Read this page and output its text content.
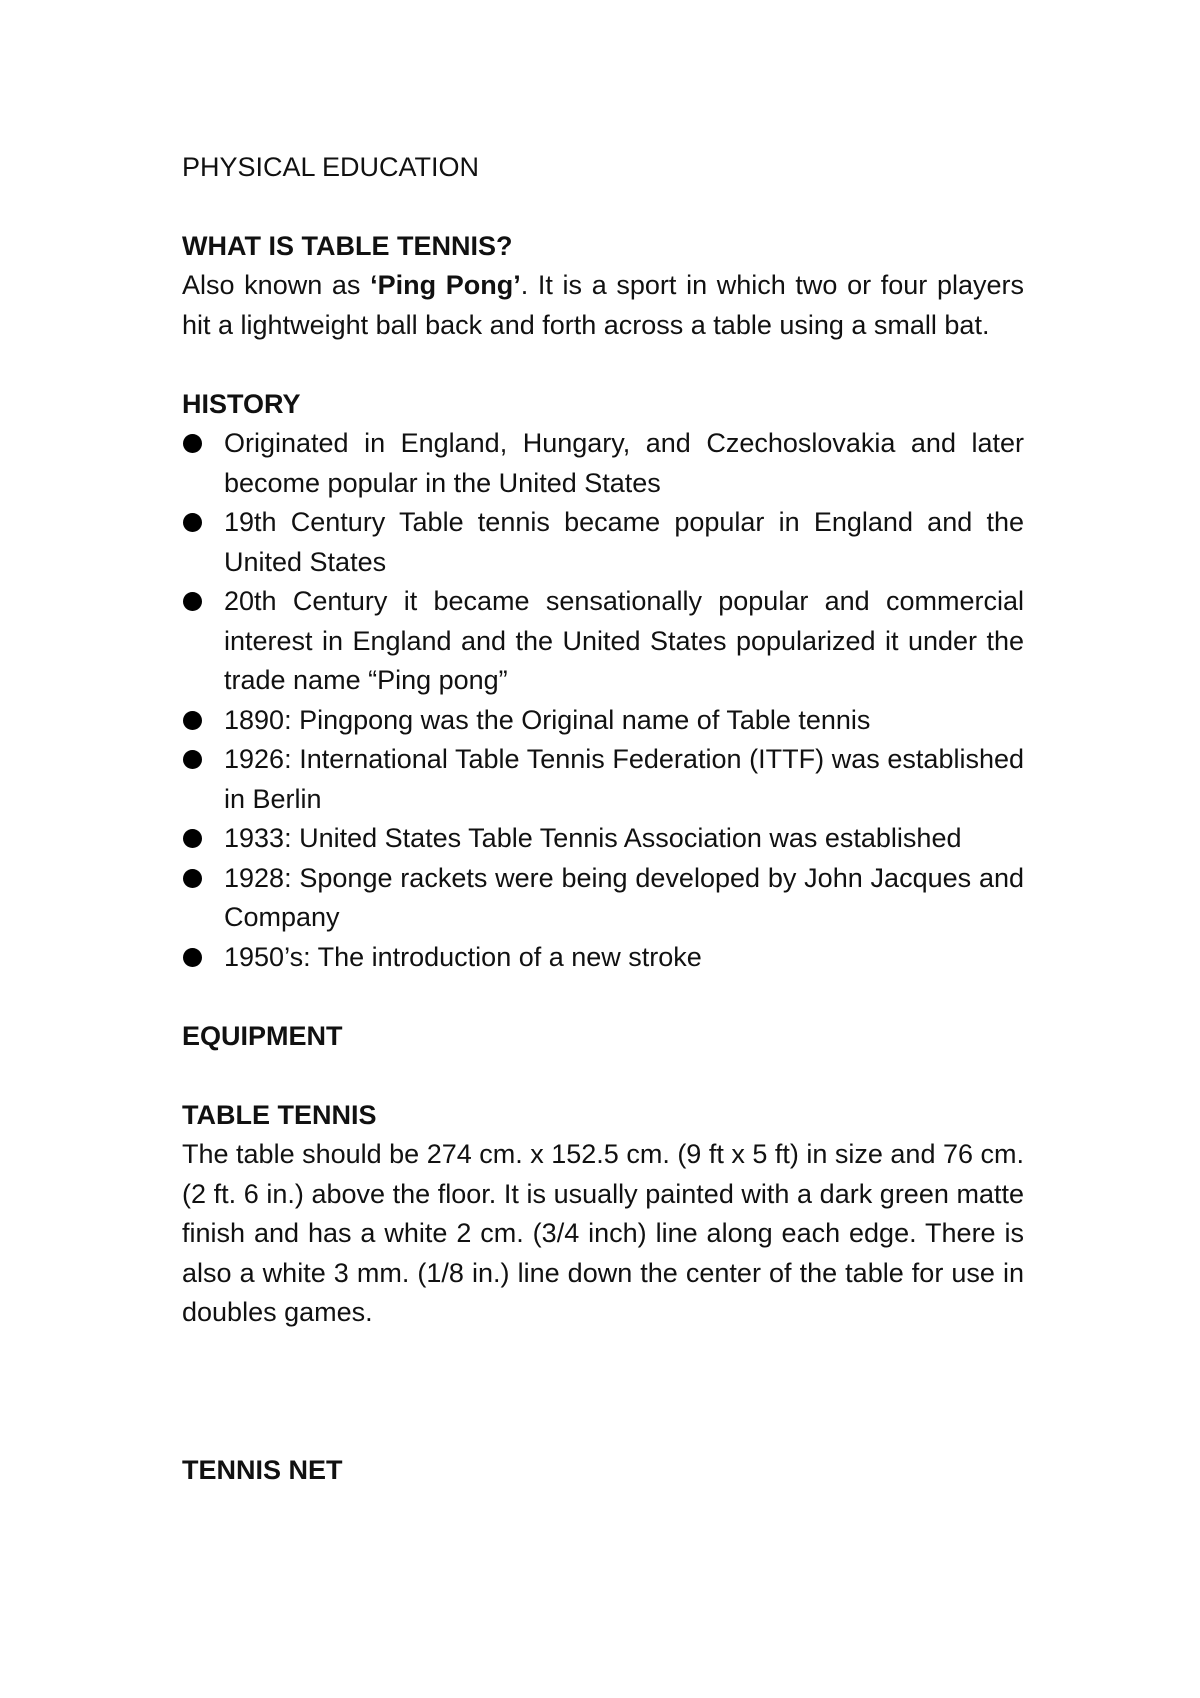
PHYSICAL EDUCATION
WHAT IS TABLE TENNIS?

Also known as ‘Ping Pong’. It is a sport in which two or four players hit a lightweight ball back and forth across a table using a small bat.

HISTORY
Originated in England, Hungary, and Czechoslovakia and later become popular in the United States
19th Century Table tennis became popular in England and the United States
20th Century it became sensationally popular and commercial interest in England and the United States popularized it under the trade name “Ping pong”
1890: Pingpong was the Original name of Table tennis
1926: International Table Tennis Federation (ITTF) was established in Berlin
1933: United States Table Tennis Association was established
1928: Sponge rackets were being developed by John Jacques and Company
1950’s: The introduction of a new stroke
EQUIPMENT
TABLE TENNIS

The table should be 274 cm. x 152.5 cm. (9 ft x 5 ft) in size and 76 cm. (2 ft. 6 in.) above the floor. It is usually painted with a dark green matte finish and has a white 2 cm. (3/4 inch) line along each edge. There is also a white 3 mm. (1/8 in.) line down the center of the table for use in doubles games.

TENNIS NET
